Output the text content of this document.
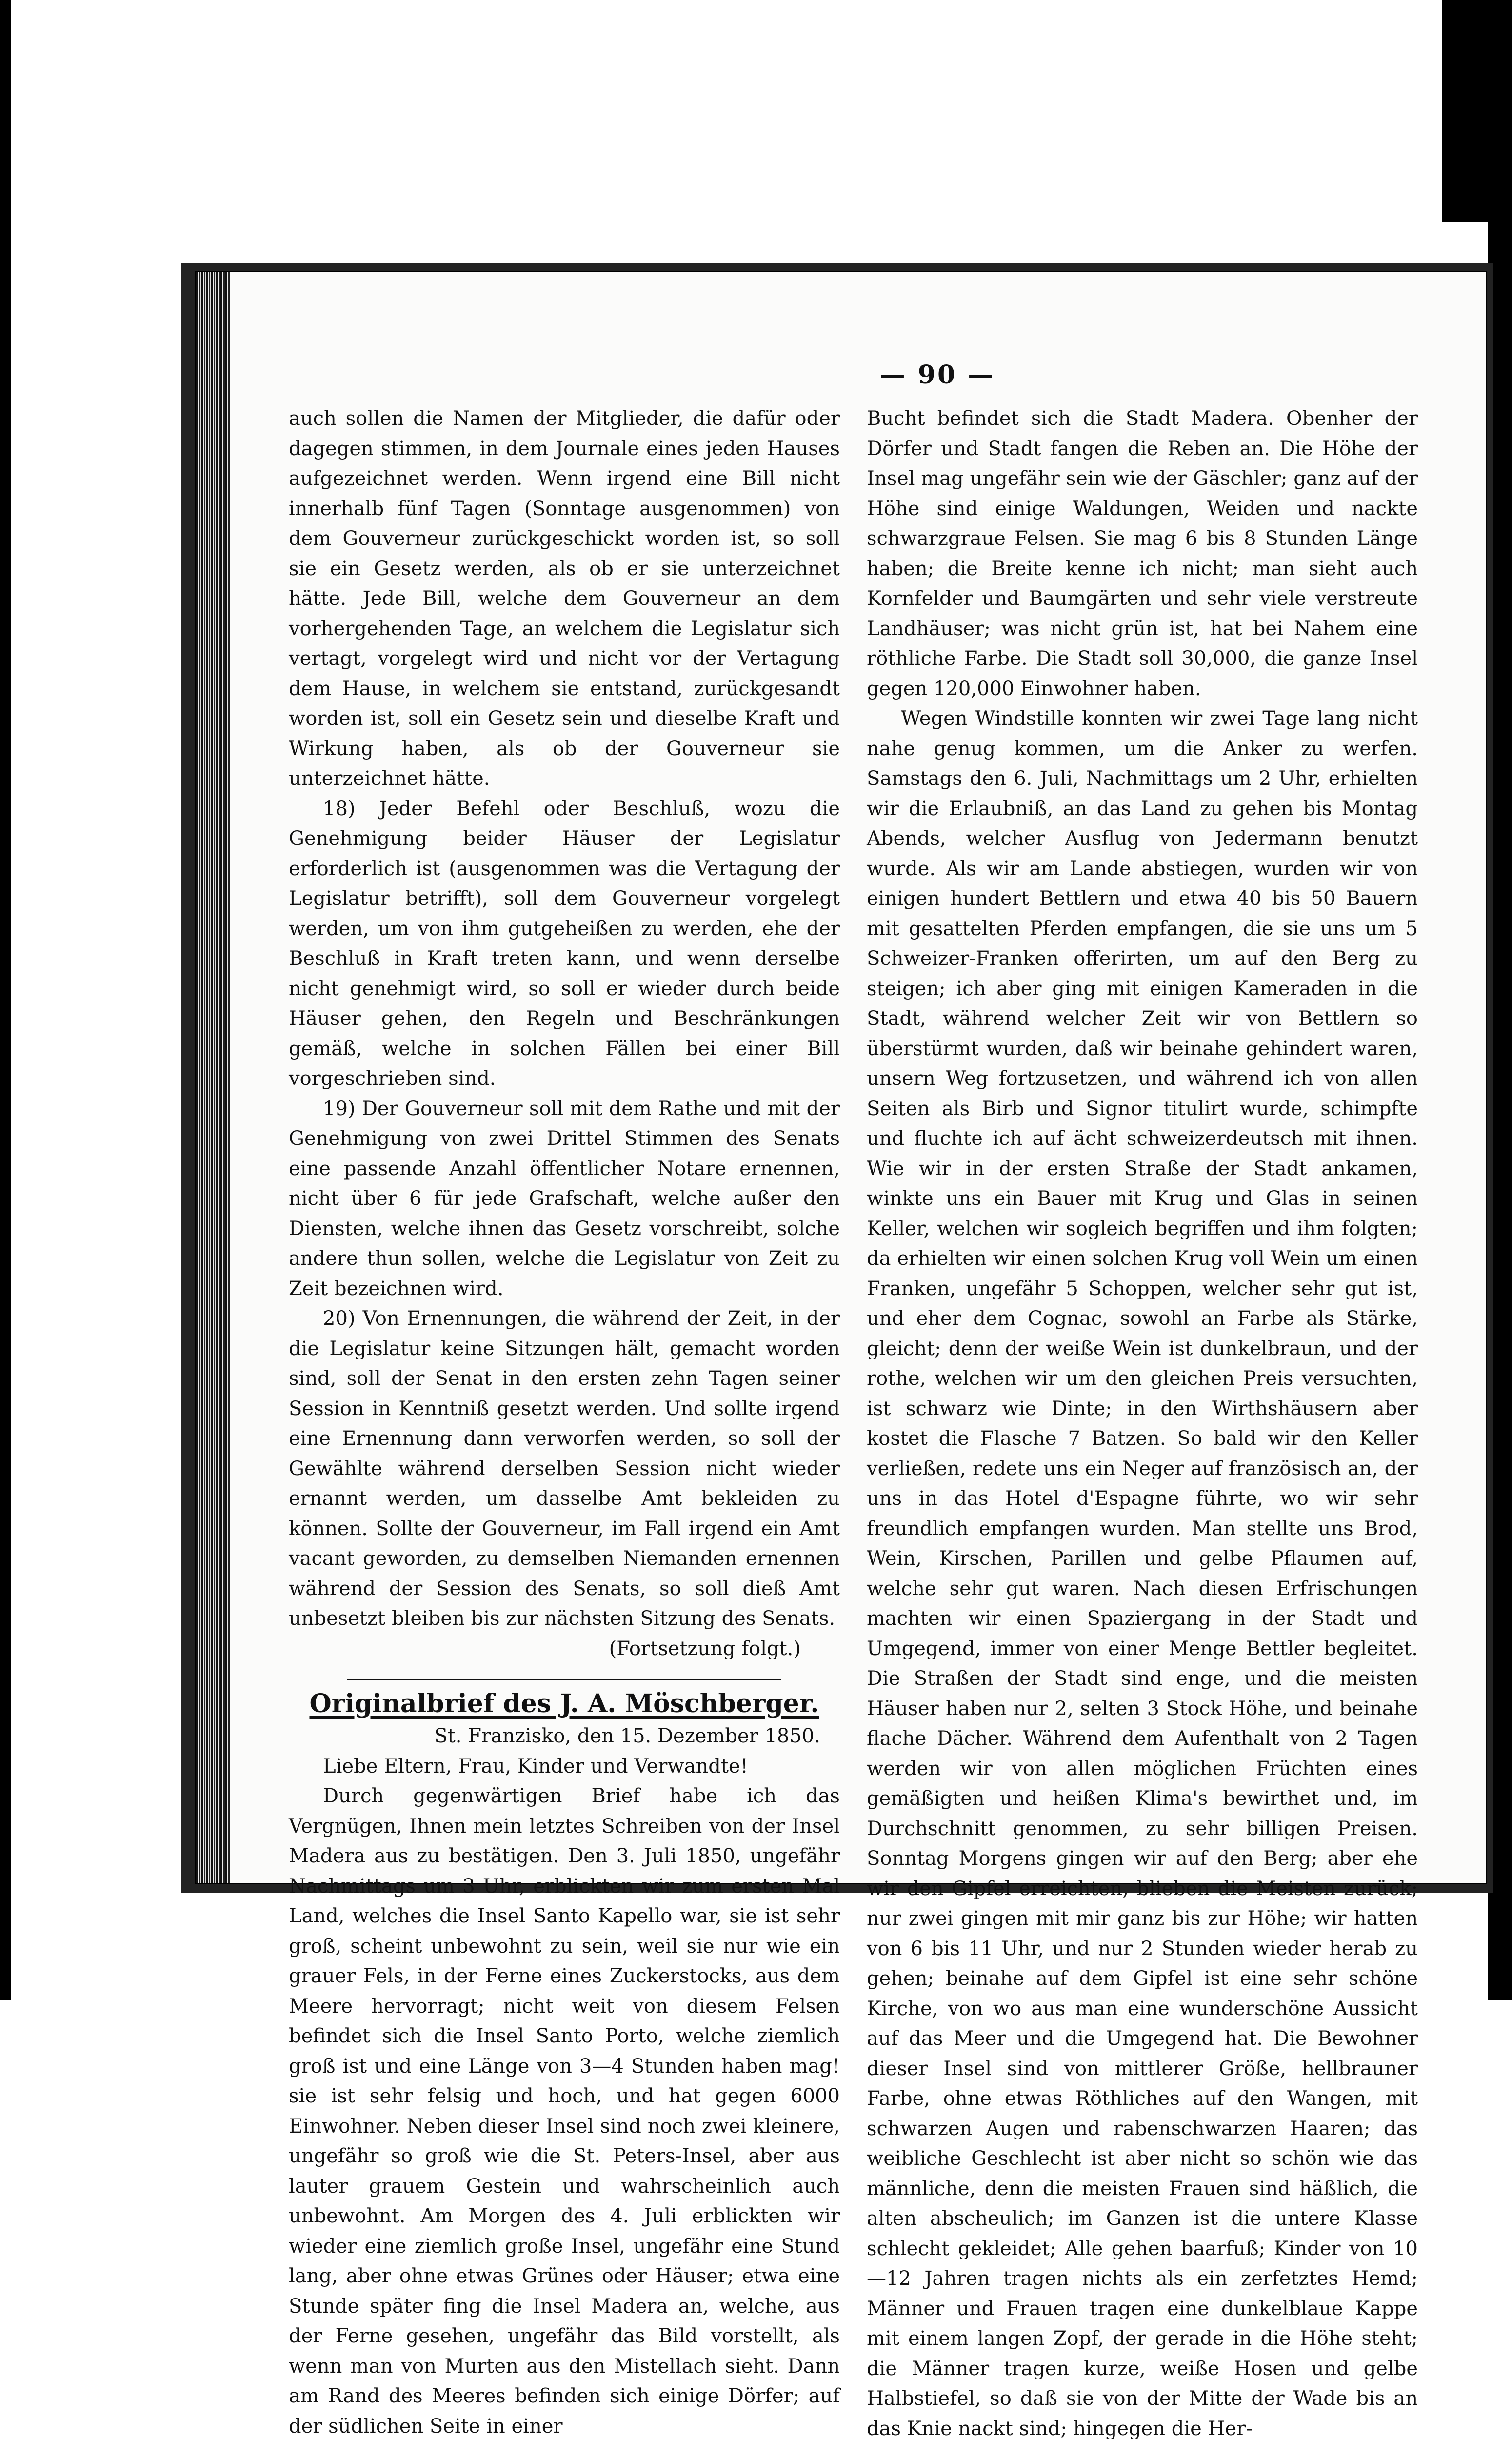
— 90 —

auch sollen die Namen der Mitglieder, die dafür oder dagegen stimmen, in dem Journale eines jeden Hauses aufgezeichnet werden. Wenn irgend eine Bill nicht innerhalb fünf Tagen (Sonntage ausgenommen) von dem Gouverneur zurückgeschickt worden ist, so soll sie ein Gesetz werden, als ob er sie unterzeichnet hätte. Jede Bill, welche dem Gouverneur an dem vorhergehenden Tage, an welchem die Legislatur sich vertagt, vorgelegt wird und nicht vor der Vertagung dem Hause, in welchem sie entstand, zurückgesandt worden ist, soll ein Gesetz sein und dieselbe Kraft und Wirkung haben, als ob der Gouverneur sie unterzeichnet hätte.

18) Jeder Befehl oder Beschluß, wozu die Genehmigung beider Häuser der Legislatur erforderlich ist (ausgenommen was die Vertagung der Legislatur betrifft), soll dem Gouverneur vorgelegt werden, um von ihm gutgeheißen zu werden, ehe der Beschluß in Kraft treten kann, und wenn derselbe nicht genehmigt wird, so soll er wieder durch beide Häuser gehen, den Regeln und Beschränkungen gemäß, welche in solchen Fällen bei einer Bill vorgeschrieben sind.

19) Der Gouverneur soll mit dem Rathe und mit der Genehmigung von zwei Drittel Stimmen des Senats eine passende Anzahl öffentlicher Notare ernennen, nicht über 6 für jede Grafschaft, welche außer den Diensten, welche ihnen das Gesetz vorschreibt, solche andere thun sollen, welche die Legislatur von Zeit zu Zeit bezeichnen wird.

20) Von Ernennungen, die während der Zeit, in der die Legislatur keine Sitzungen hält, gemacht worden sind, soll der Senat in den ersten zehn Tagen seiner Session in Kenntniß gesetzt werden. Und sollte irgend eine Ernennung dann verworfen werden, so soll der Gewählte während derselben Session nicht wieder ernannt werden, um dasselbe Amt bekleiden zu können. Sollte der Gouverneur, im Fall irgend ein Amt vacant geworden, zu demselben Niemanden ernennen während der Session des Senats, so soll dieß Amt unbesetzt bleiben bis zur nächsten Sitzung des Senats.

(Fortsetzung folgt.)

Originalbrief des J. A. Möschberger.

St. Franzisko, den 15. Dezember 1850.

Liebe Eltern, Frau, Kinder und Verwandte!

Durch gegenwärtigen Brief habe ich das Vergnügen, Ihnen mein letztes Schreiben von der Insel Madera aus zu bestätigen. Den 3. Juli 1850, ungefähr Nachmittags um 3 Uhr, erblickten wir zum ersten Mal Land, welches die Insel Santo Kapello war, sie ist sehr groß, scheint unbewohnt zu sein, weil sie nur wie ein grauer Fels, in der Ferne eines Zuckerstocks, aus dem Meere hervorragt; nicht weit von diesem Felsen befindet sich die Insel Santo Porto, welche ziemlich groß ist und eine Länge von 3—4 Stunden haben mag! sie ist sehr felsig und hoch, und hat gegen 6000 Einwohner. Neben dieser Insel sind noch zwei kleinere, ungefähr so groß wie die St. Peters-Insel, aber aus lauter grauem Gestein und wahrscheinlich auch unbewohnt. Am Morgen des 4. Juli erblickten wir wieder eine ziemlich große Insel, ungefähr eine Stund lang, aber ohne etwas Grünes oder Häuser; etwa eine Stunde später fing die Insel Madera an, welche, aus der Ferne gesehen, ungefähr das Bild vorstellt, als wenn man von Murten aus den Mistellach sieht. Dann am Rand des Meeres befinden sich einige Dörfer; auf der südlichen Seite in einer

Bucht befindet sich die Stadt Madera. Obenher der Dörfer und Stadt fangen die Reben an. Die Höhe der Insel mag ungefähr sein wie der Gäschler; ganz auf der Höhe sind einige Waldungen, Weiden und nackte schwarzgraue Felsen. Sie mag 6 bis 8 Stunden Länge haben; die Breite kenne ich nicht; man sieht auch Kornfelder und Baumgärten und sehr viele verstreute Landhäuser; was nicht grün ist, hat bei Nahem eine röthliche Farbe. Die Stadt soll 30,000, die ganze Insel gegen 120,000 Einwohner haben.

Wegen Windstille konnten wir zwei Tage lang nicht nahe genug kommen, um die Anker zu werfen. Samstags den 6. Juli, Nachmittags um 2 Uhr, erhielten wir die Erlaubniß, an das Land zu gehen bis Montag Abends, welcher Ausflug von Jedermann benutzt wurde. Als wir am Lande abstiegen, wurden wir von einigen hundert Bettlern und etwa 40 bis 50 Bauern mit gesattelten Pferden empfangen, die sie uns um 5 Schweizer-Franken offerirten, um auf den Berg zu steigen; ich aber ging mit einigen Kameraden in die Stadt, während welcher Zeit wir von Bettlern so überstürmt wurden, daß wir beinahe gehindert waren, unsern Weg fortzusetzen, und während ich von allen Seiten als Birb und Signor titulirt wurde, schimpfte und fluchte ich auf ächt schweizerdeutsch mit ihnen. Wie wir in der ersten Straße der Stadt ankamen, winkte uns ein Bauer mit Krug und Glas in seinen Keller, welchen wir sogleich begriffen und ihm folgten; da erhielten wir einen solchen Krug voll Wein um einen Franken, ungefähr 5 Schoppen, welcher sehr gut ist, und eher dem Cognac, sowohl an Farbe als Stärke, gleicht; denn der weiße Wein ist dunkelbraun, und der rothe, welchen wir um den gleichen Preis versuchten, ist schwarz wie Dinte; in den Wirthshäusern aber kostet die Flasche 7 Batzen. So bald wir den Keller verließen, redete uns ein Neger auf französisch an, der uns in das Hotel d'Espagne führte, wo wir sehr freundlich empfangen wurden. Man stellte uns Brod, Wein, Kirschen, Parillen und gelbe Pflaumen auf, welche sehr gut waren. Nach diesen Erfrischungen machten wir einen Spaziergang in der Stadt und Umgegend, immer von einer Menge Bettler begleitet. Die Straßen der Stadt sind enge, und die meisten Häuser haben nur 2, selten 3 Stock Höhe, und beinahe flache Dächer. Während dem Aufenthalt von 2 Tagen werden wir von allen möglichen Früchten eines gemäßigten und heißen Klima's bewirthet und, im Durchschnitt genommen, zu sehr billigen Preisen. Sonntag Morgens gingen wir auf den Berg; aber ehe wir den Gipfel erreichten, blieben die Meisten zurück; nur zwei gingen mit mir ganz bis zur Höhe; wir hatten von 6 bis 11 Uhr, und nur 2 Stunden wieder herab zu gehen; beinahe auf dem Gipfel ist eine sehr schöne Kirche, von wo aus man eine wunderschöne Aussicht auf das Meer und die Umgegend hat. Die Bewohner dieser Insel sind von mittlerer Größe, hellbrauner Farbe, ohne etwas Röthliches auf den Wangen, mit schwarzen Augen und rabenschwarzen Haaren; das weibliche Geschlecht ist aber nicht so schön wie das männliche, denn die meisten Frauen sind häßlich, die alten abscheulich; im Ganzen ist die untere Klasse schlecht gekleidet; Alle gehen baarfuß; Kinder von 10—12 Jahren tragen nichts als ein zerfetztes Hemd; Männer und Frauen tragen eine dunkelblaue Kappe mit einem langen Zopf, der gerade in die Höhe steht; die Männer tragen kurze, weiße Hosen und gelbe Halbstiefel, so daß sie von der Mitte der Wade bis an das Knie nackt sind; hingegen die Her-
